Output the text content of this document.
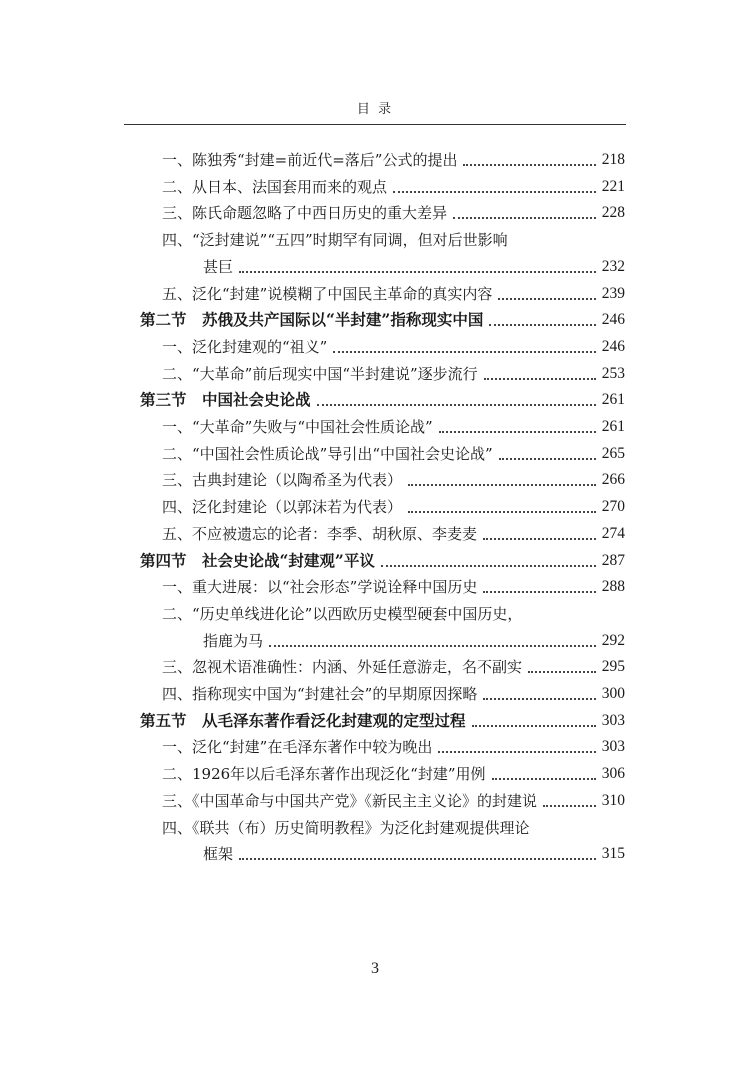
目 录
一、陈独秀“封建=前近代=落后”公式的提出	218
二、从日本、法国套用而来的观点	221
三、陈氏命题忽略了中西日历史的重大差异	228
四、“泛封建说”“五四”时期罕有同调，但对后世影响
甚巨	232
五、泛化“封建”说模糊了中国民主革命的真实内容	239
第二节　苏俄及共产国际以“半封建”指称现实中国	246
一、泛化封建观的“祖义”	246
二、“大革命”前后现实中国“半封建说”逐步流行	253
第三节　中国社会史论战	261
一、“大革命”失败与“中国社会性质论战”	261
二、“中国社会性质论战”导引出“中国社会史论战”	265
三、古典封建论（以陶希圣为代表）	266
四、泛化封建论（以郭沫若为代表）	270
五、不应被遗忘的论者：李季、胡秋原、李麦麦	274
第四节　社会史论战“封建观”平议	287
一、重大进展：以“社会形态”学说诠释中国历史	288
二、“历史单线进化论”以西欧历史模型硬套中国历史，
指鹿为马	292
三、忽视术语准确性：内涵、外延任意游走，名不副实	295
四、指称现实中国为“封建社会”的早期原因探略	300
第五节　从毛泽东著作看泛化封建观的定型过程	303
一、泛化“封建”在毛泽东著作中较为晚出	303
二、1926年以后毛泽东著作出现泛化“封建”用例	306
三、《中国革命与中国共产党》《新民主主义论》的封建说	310
四、《联共（布）历史简明教程》为泛化封建观提供理论
框架	315
3
